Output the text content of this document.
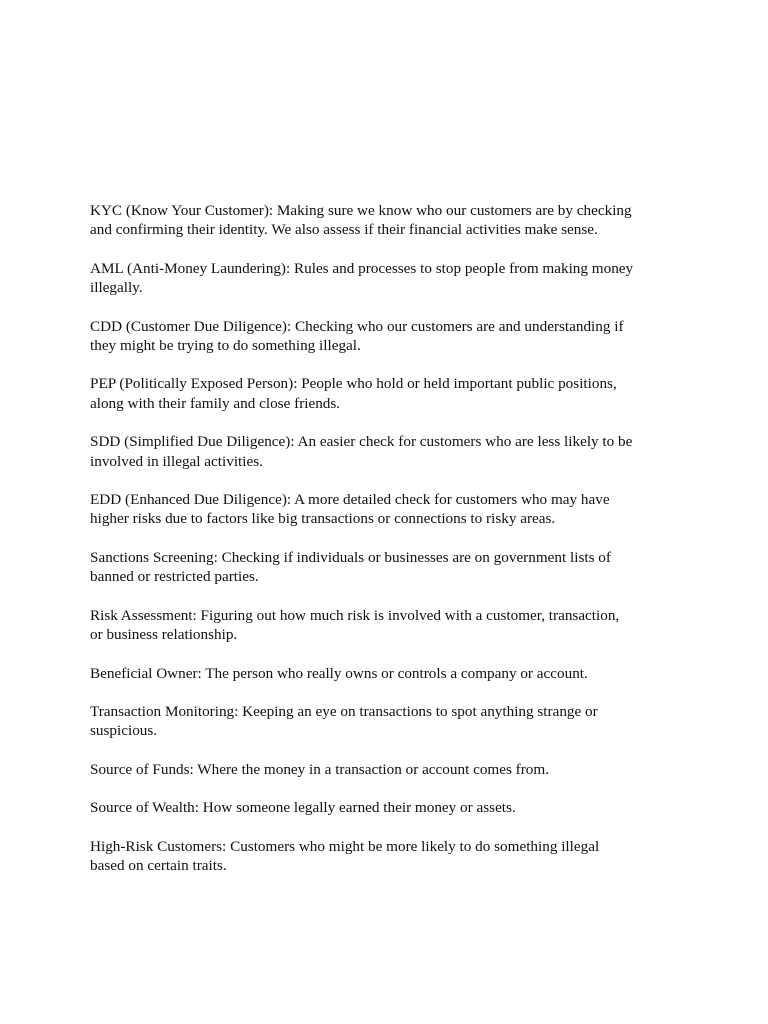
KYC (Know Your Customer): Making sure we know who our customers are by checking
and confirming their identity. We also assess if their financial activities make sense.

AML (Anti-Money Laundering): Rules and processes to stop people from making money
illegally.

CDD (Customer Due Diligence): Checking who our customers are and understanding if
they might be trying to do something illegal.

PEP (Politically Exposed Person): People who hold or held important public positions,
along with their family and close friends.

SDD (Simplified Due Diligence): An easier check for customers who are less likely to be
involved in illegal activities.

EDD (Enhanced Due Diligence): A more detailed check for customers who may have
higher risks due to factors like big transactions or connections to risky areas.

Sanctions Screening: Checking if individuals or businesses are on government lists of
banned or restricted parties.

Risk Assessment: Figuring out how much risk is involved with a customer, transaction,
or business relationship.

Beneficial Owner: The person who really owns or controls a company or account.

Transaction Monitoring: Keeping an eye on transactions to spot anything strange or
suspicious.

Source of Funds: Where the money in a transaction or account comes from.

Source of Wealth: How someone legally earned their money or assets.

High-Risk Customers: Customers who might be more likely to do something illegal
based on certain traits.
